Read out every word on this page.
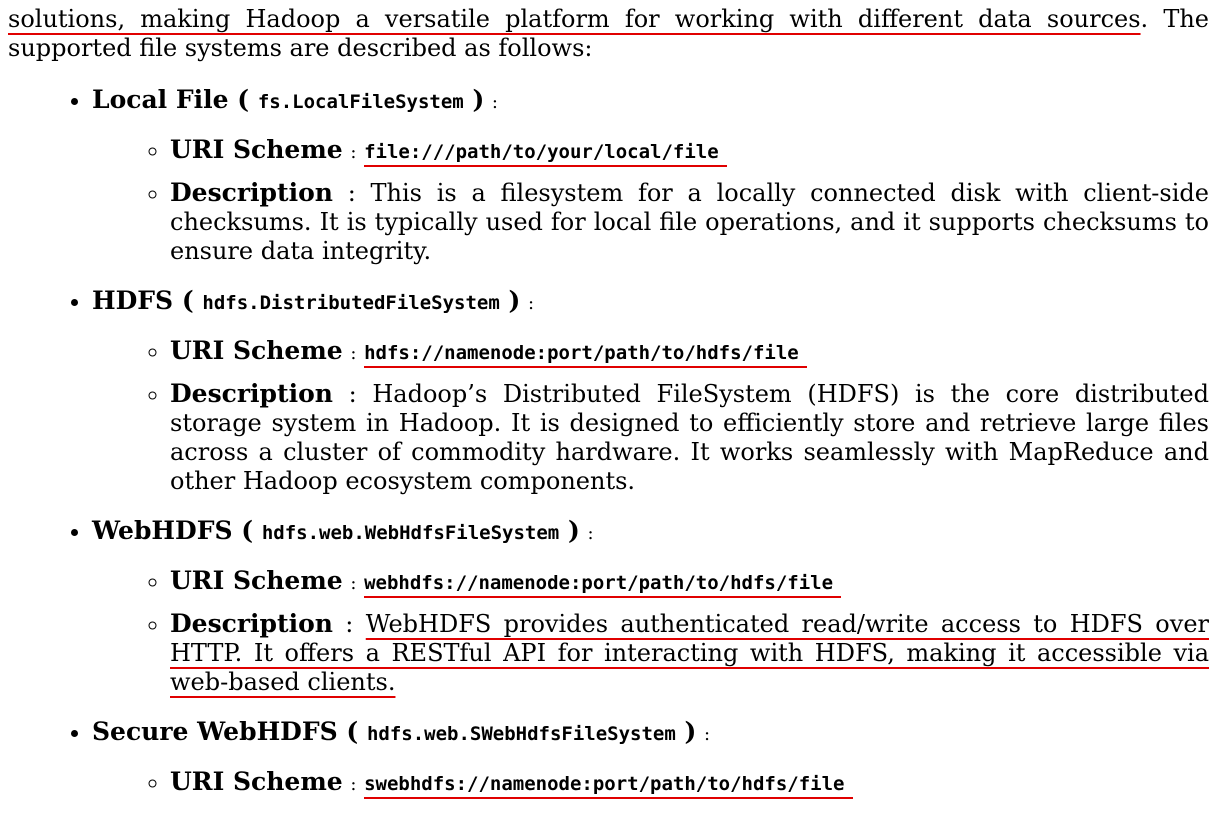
solutions, making Hadoop a versatile platform for working with different data sources. The supported file systems are described as follows:

• Local File ( fs.LocalFileSystem ) :
◦ URI Scheme : file:///path/to/your/local/file
◦ Description : This is a filesystem for a locally connected disk with client-side checksums. It is typically used for local file operations, and it supports checksums to ensure data integrity.
• HDFS ( hdfs.DistributedFileSystem ) :
◦ URI Scheme : hdfs://namenode:port/path/to/hdfs/file
◦ Description : Hadoop’s Distributed FileSystem (HDFS) is the core distributed storage system in Hadoop. It is designed to efficiently store and retrieve large files across a cluster of commodity hardware. It works seamlessly with MapReduce and other Hadoop ecosystem components.
• WebHDFS ( hdfs.web.WebHdfsFileSystem ) :
◦ URI Scheme : webhdfs://namenode:port/path/to/hdfs/file
◦ Description : WebHDFS provides authenticated read/write access to HDFS over HTTP. It offers a RESTful API for interacting with HDFS, making it accessible via web-based clients.
• Secure WebHDFS ( hdfs.web.SWebHdfsFileSystem ) :
◦ URI Scheme : swebhdfs://namenode:port/path/to/hdfs/file
